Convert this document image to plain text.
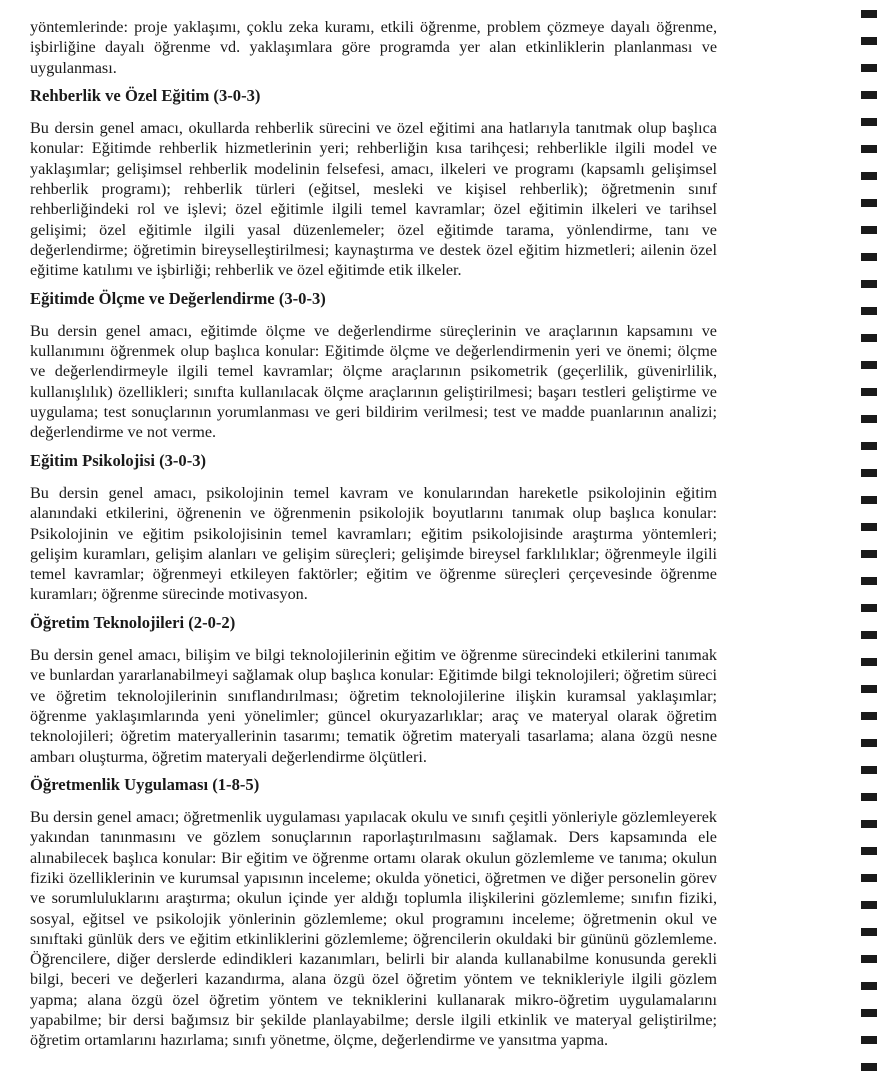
yöntemlerinde: proje yaklaşımı, çoklu zeka kuramı, etkili öğrenme, problem çözmeye dayalı öğrenme, işbirliğine dayalı öğrenme vd. yaklaşımlara göre programda yer alan etkinliklerin planlanması ve uygulanması.

Rehberlik ve Özel Eğitim (3-0-3)

Bu dersin genel amacı, okullarda rehberlik sürecini ve özel eğitimi ana hatlarıyla tanıtmak olup başlıca konular: Eğitimde rehberlik hizmetlerinin yeri; rehberliğin kısa tarihçesi; rehberlikle ilgili model ve yaklaşımlar; gelişimsel rehberlik modelinin felsefesi, amacı, ilkeleri ve programı (kapsamlı gelişimsel rehberlik programı); rehberlik türleri (eğitsel, mesleki ve kişisel rehberlik); öğretmenin sınıf rehberliğindeki rol ve işlevi; özel eğitimle ilgili temel kavramlar; özel eğitimin ilkeleri ve tarihsel gelişimi; özel eğitimle ilgili yasal düzenlemeler; özel eğitimde tarama, yönlendirme, tanı ve değerlendirme; öğretimin bireyselleştirilmesi; kaynaştırma ve destek özel eğitim hizmetleri; ailenin özel eğitime katılımı ve işbirliği; rehberlik ve özel eğitimde etik ilkeler.

Eğitimde Ölçme ve Değerlendirme (3-0-3)

Bu dersin genel amacı, eğitimde ölçme ve değerlendirme süreçlerinin ve araçlarının kapsamını ve kullanımını öğrenmek olup başlıca konular: Eğitimde ölçme ve değerlendirmenin yeri ve önemi; ölçme ve değerlendirmeyle ilgili temel kavramlar; ölçme araçlarının psikometrik (geçerlilik, güvenirlilik, kullanışlılık) özellikleri; sınıfta kullanılacak ölçme araçlarının geliştirilmesi; başarı testleri geliştirme ve uygulama; test sonuçlarının yorumlanması ve geri bildirim verilmesi; test ve madde puanlarının analizi; değerlendirme ve not verme.

Eğitim Psikolojisi (3-0-3)

Bu dersin genel amacı, psikolojinin temel kavram ve konularından hareketle psikolojinin eğitim alanındaki etkilerini, öğrenenin ve öğrenmenin psikolojik boyutlarını tanımak olup başlıca konular: Psikolojinin ve eğitim psikolojisinin temel kavramları; eğitim psikolojisinde araştırma yöntemleri; gelişim kuramları, gelişim alanları ve gelişim süreçleri; gelişimde bireysel farklılıklar; öğrenmeyle ilgili temel kavramlar; öğrenmeyi etkileyen faktörler; eğitim ve öğrenme süreçleri çerçevesinde öğrenme kuramları; öğrenme sürecinde motivasyon.

Öğretim Teknolojileri (2-0-2)

Bu dersin genel amacı, bilişim ve bilgi teknolojilerinin eğitim ve öğrenme sürecindeki etkilerini tanımak ve bunlardan yararlanabilmeyi sağlamak olup başlıca konular: Eğitimde bilgi teknolojileri; öğretim süreci ve öğretim teknolojilerinin sınıflandırılması; öğretim teknolojilerine ilişkin kuramsal yaklaşımlar; öğrenme yaklaşımlarında yeni yönelimler; güncel okuryazarlıklar; araç ve materyal olarak öğretim teknolojileri; öğretim materyallerinin tasarımı; tematik öğretim materyali tasarlama; alana özgü nesne ambarı oluşturma, öğretim materyali değerlendirme ölçütleri.

Öğretmenlik Uygulaması (1-8-5)

Bu dersin genel amacı; öğretmenlik uygulaması yapılacak okulu ve sınıfı çeşitli yönleriyle gözlemleyerek yakından tanınmasını ve gözlem sonuçlarının raporlaştırılmasını sağlamak. Ders kapsamında ele alınabilecek başlıca konular: Bir eğitim ve öğrenme ortamı olarak okulun gözlemleme ve tanıma; okulun fiziki özelliklerinin ve kurumsal yapısının inceleme; okulda yönetici, öğretmen ve diğer personelin görev ve sorumluluklarını araştırma; okulun içinde yer aldığı toplumla ilişkilerini gözlemleme; sınıfın fiziki, sosyal, eğitsel ve psikolojik yönlerinin gözlemleme; okul programını inceleme; öğretmenin okul ve sınıftaki günlük ders ve eğitim etkinliklerini gözlemleme; öğrencilerin okuldaki bir gününü gözlemleme. Öğrencilere, diğer derslerde edindikleri kazanımları, belirli bir alanda kullanabilme konusunda gerekli bilgi, beceri ve değerleri kazandırma, alana özgü özel öğretim yöntem ve teknikleriyle ilgili gözlem yapma; alana özgü özel öğretim yöntem ve tekniklerini kullanarak mikro-öğretim uygulamalarını yapabilme; bir dersi bağımsız bir şekilde planlayabilme; dersle ilgili etkinlik ve materyal geliştirilme; öğretim ortamlarını hazırlama; sınıfı yönetme, ölçme, değerlendirme ve yansıtma yapma.
